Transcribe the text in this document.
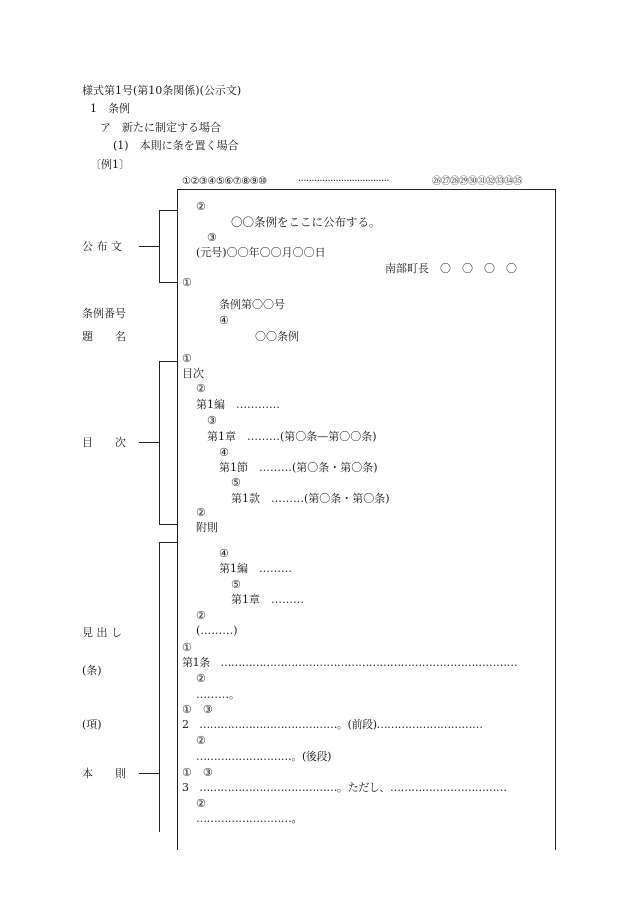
様式第1号(第10条関係)(公示文)
1　条例
ア　新たに制定する場合
(1)　本則に条を置く場合
〔例1〕
①②③④⑤⑥⑦⑧⑨⑩	··································	㉖㉗㉘㉙㉚㉛㉜㉝㉞㉟
公 布 文
条例番号
題　　名
目　　次
見 出 し
(条)
(項)
本　　則
②
〇〇条例をここに公布する。
③
(元号)〇〇年〇〇月〇〇日
南部町長　〇　〇　〇　〇
①
条例第〇〇号
④
〇〇条例
①
目次
②
第1編　…………
③
第1章　………(第〇条—第〇〇条)
④
第1節　………(第〇条・第〇条)
⑤
第1款　………(第〇条・第〇条)
②
附則
④
第1編　………
⑤
第1章　………
②
(………)
①
第1条　…………………………………………………………………………
②
………。
①　③
2　…………………………………。(前段)…………………………
②
………………………。(後段)
①　③
3　…………………………………。ただし、……………………………
②
………………………。
